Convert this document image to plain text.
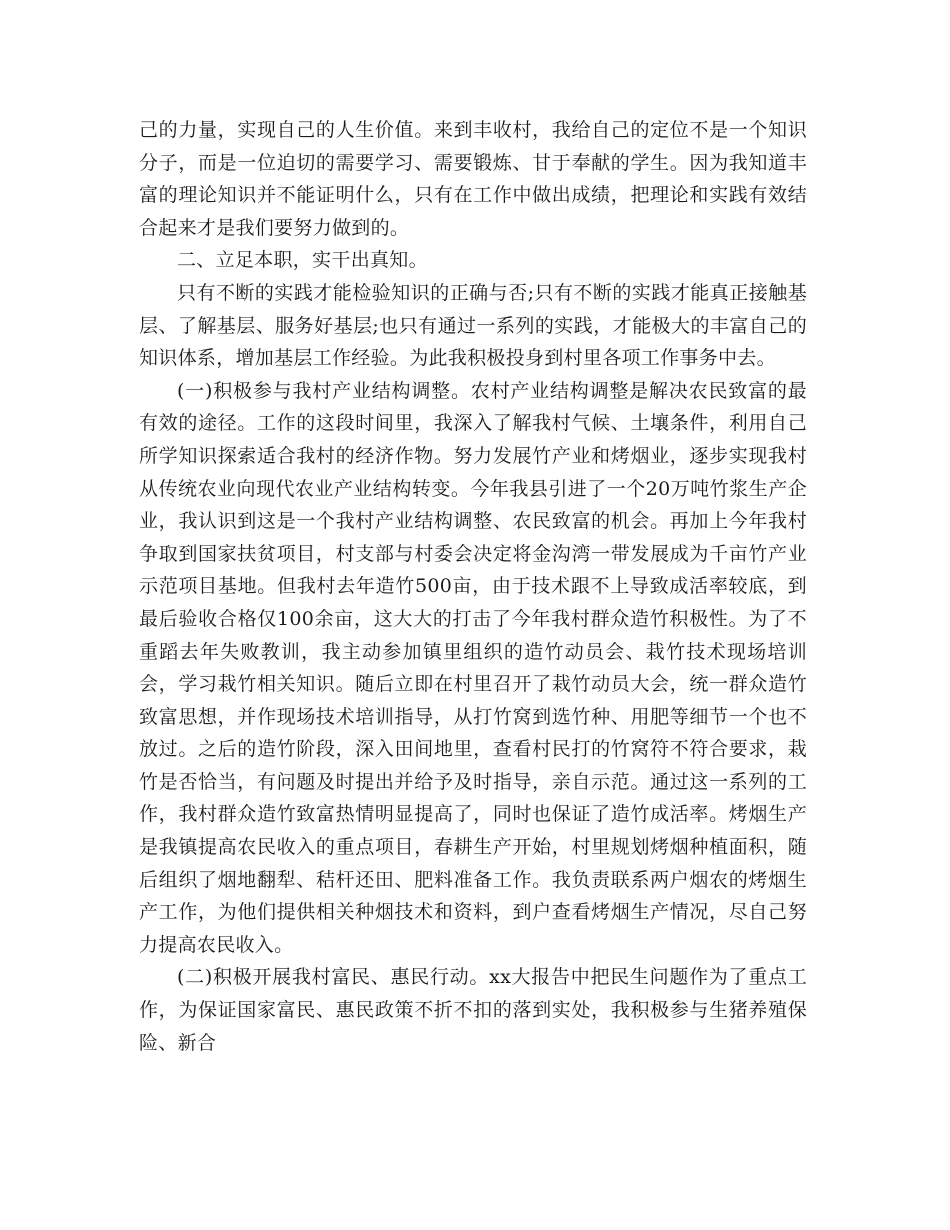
己的力量，实现自己的人生价值。来到丰收村，我给自己的定位不是一个知识分子，而是一位迫切的需要学习、需要锻炼、甘于奉献的学生。因为我知道丰富的理论知识并不能证明什么，只有在工作中做出成绩，把理论和实践有效结合起来才是我们要努力做到的。

二、立足本职，实干出真知。

只有不断的实践才能检验知识的正确与否;只有不断的实践才能真正接触基层、了解基层、服务好基层;也只有通过一系列的实践，才能极大的丰富自己的知识体系，增加基层工作经验。为此我积极投身到村里各项工作事务中去。

(一)积极参与我村产业结构调整。农村产业结构调整是解决农民致富的最有效的途径。工作的这段时间里，我深入了解我村气候、土壤条件，利用自己所学知识探索适合我村的经济作物。努力发展竹产业和烤烟业，逐步实现我村从传统农业向现代农业产业结构转变。今年我县引进了一个20万吨竹浆生产企业，我认识到这是一个我村产业结构调整、农民致富的机会。再加上今年我村争取到国家扶贫项目，村支部与村委会决定将金沟湾一带发展成为千亩竹产业示范项目基地。但我村去年造竹500亩，由于技术跟不上导致成活率较底，到最后验收合格仅100余亩，这大大的打击了今年我村群众造竹积极性。为了不重蹈去年失败教训，我主动参加镇里组织的造竹动员会、栽竹技术现场培训会，学习栽竹相关知识。随后立即在村里召开了栽竹动员大会，统一群众造竹致富思想，并作现场技术培训指导，从打竹窝到选竹种、用肥等细节一个也不放过。之后的造竹阶段，深入田间地里，查看村民打的竹窝符不符合要求，栽竹是否恰当，有问题及时提出并给予及时指导，亲自示范。通过这一系列的工作，我村群众造竹致富热情明显提高了，同时也保证了造竹成活率。烤烟生产是我镇提高农民收入的重点项目，春耕生产开始，村里规划烤烟种植面积，随后组织了烟地翻犁、秸杆还田、肥料准备工作。我负责联系两户烟农的烤烟生产工作，为他们提供相关种烟技术和资料，到户查看烤烟生产情况，尽自己努力提高农民收入。

(二)积极开展我村富民、惠民行动。xx大报告中把民生问题作为了重点工作，为保证国家富民、惠民政策不折不扣的落到实处，我积极参与生猪养殖保险、新合
